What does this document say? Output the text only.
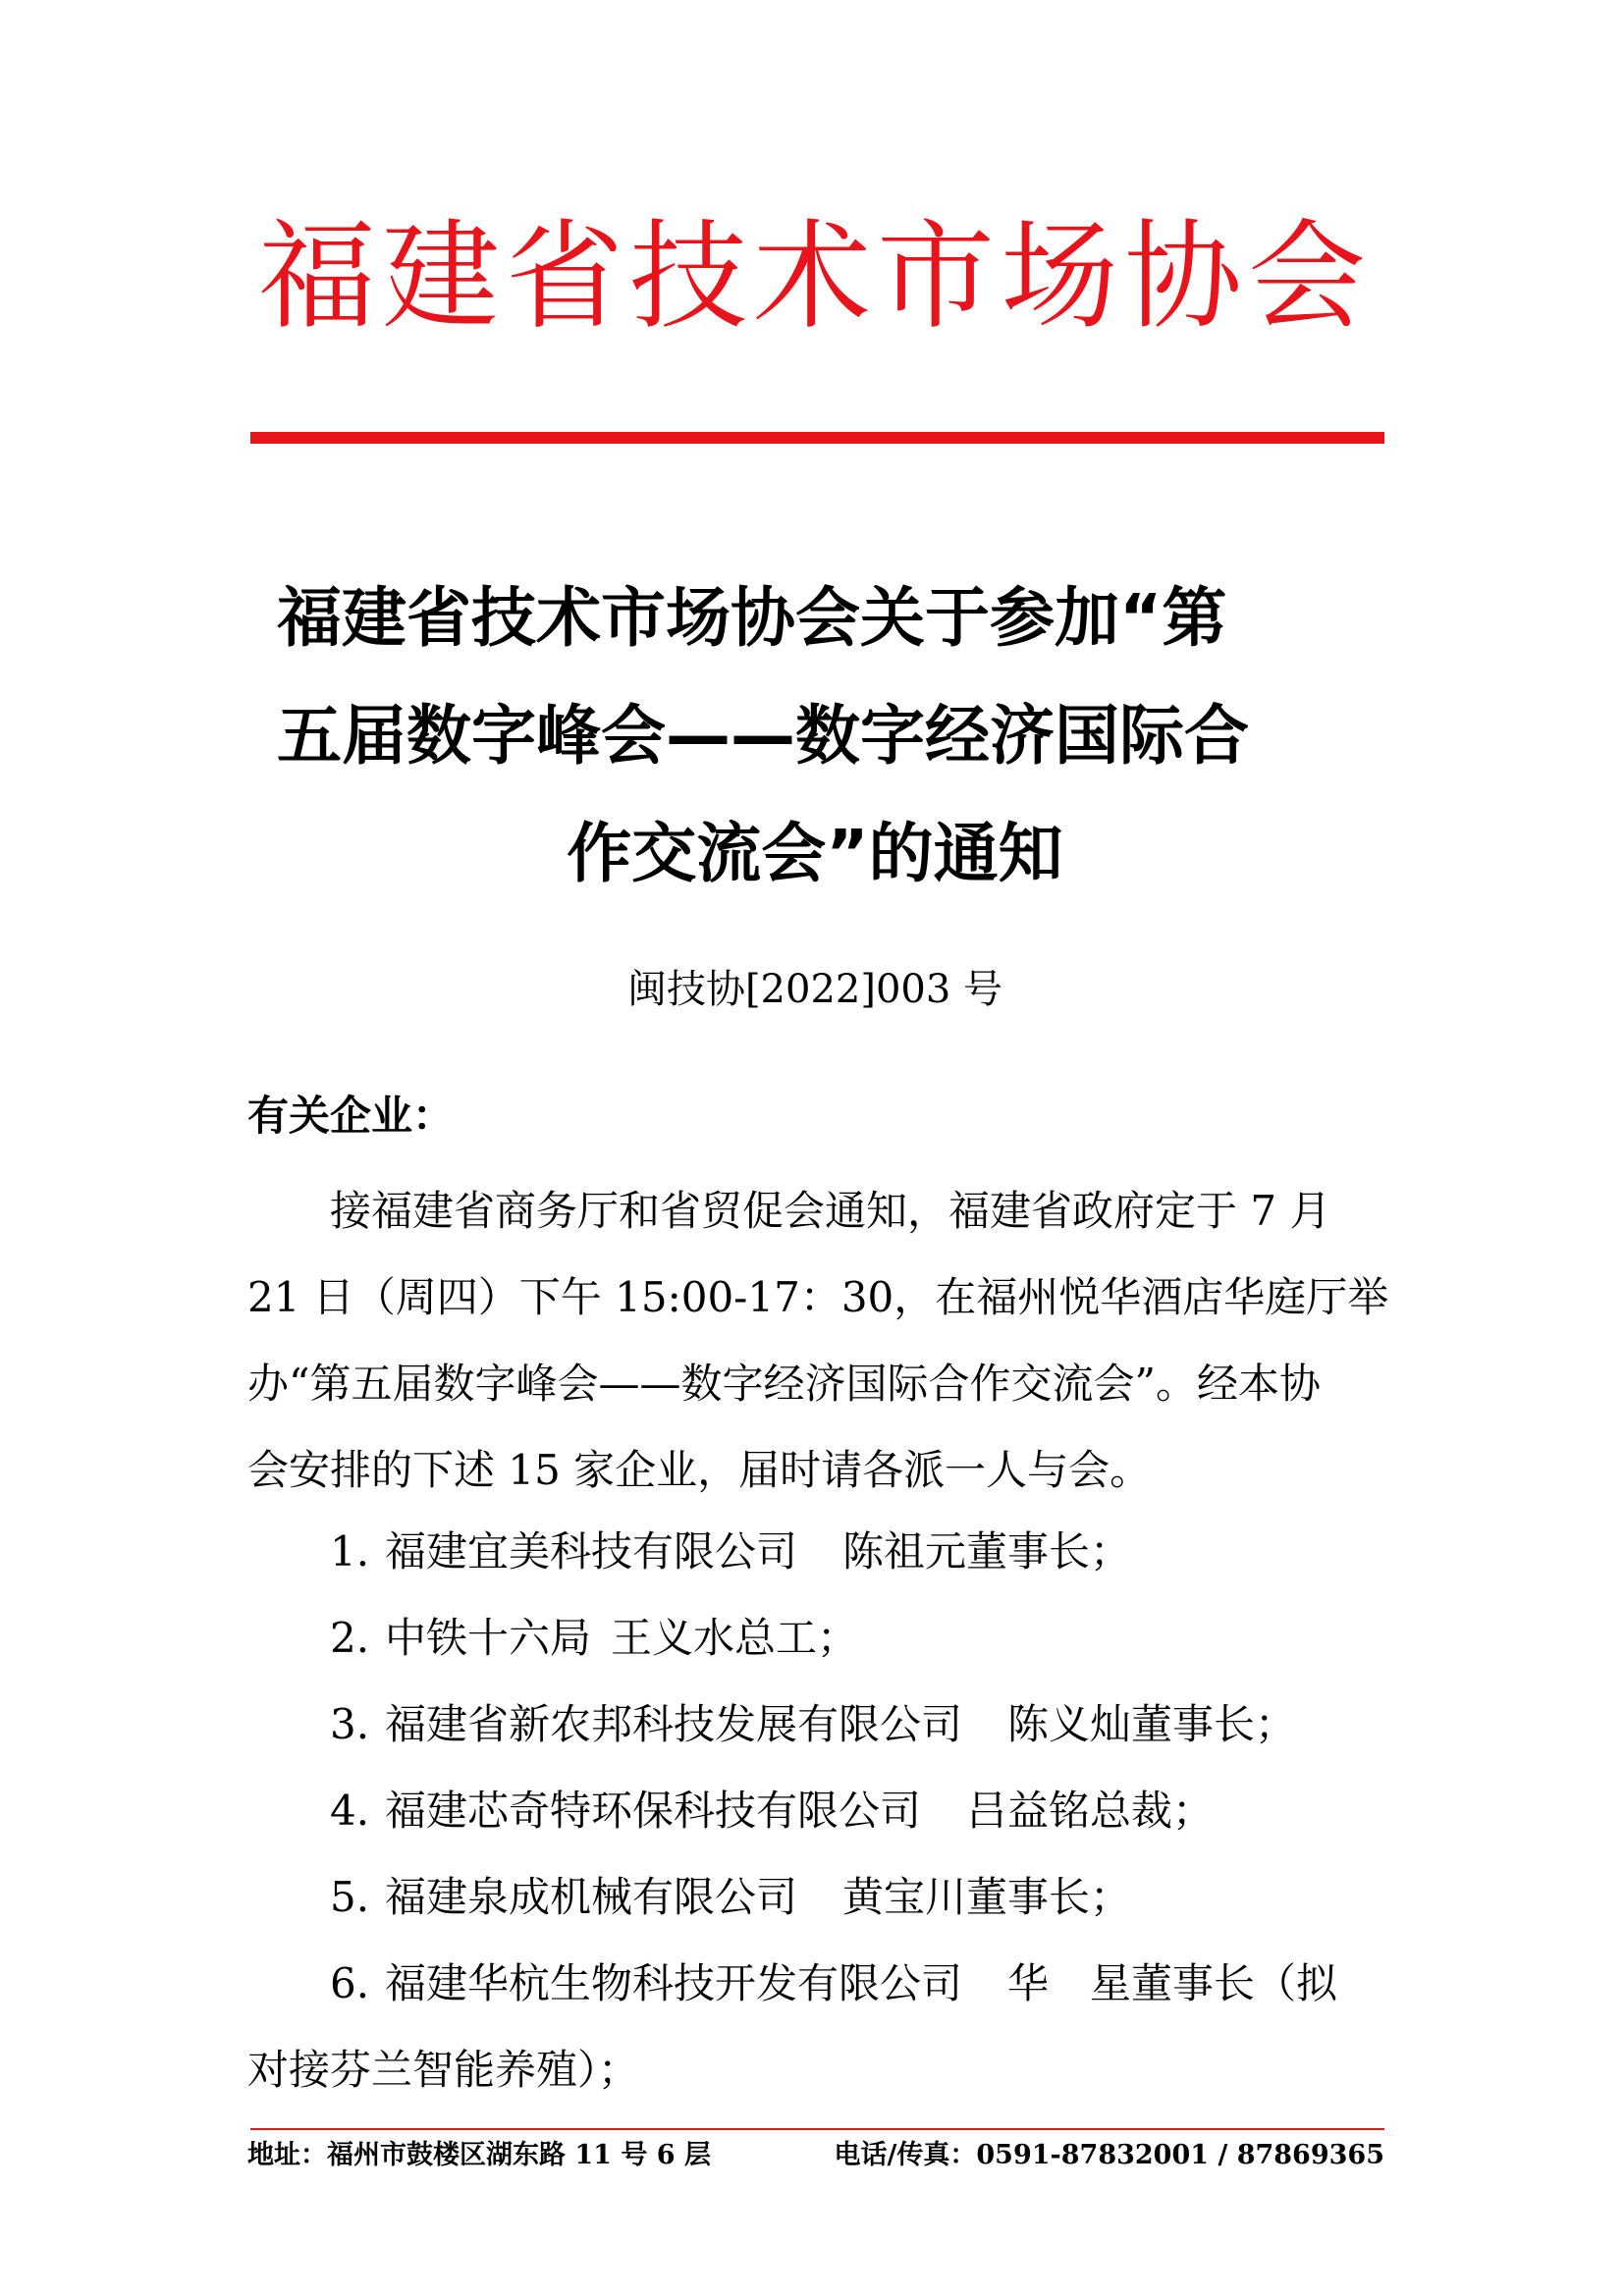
福建省技术市场协会
福建省技术市场协会关于参加“第
五届数字峰会——数字经济国际合
作交流会”的通知
闽技协[2022]003 号
有关企业：
接福建省商务厅和省贸促会通知，福建省政府定于 7 月
21 日（周四）下午 15:00-17：30，在福州悦华酒店华庭厅举
办“第五届数字峰会——数字经济国际合作交流会”。经本协
会安排的下述 15 家企业，届时请各派一人与会。
1. 福建宜美科技有限公司 陈祖元董事长；
2. 中铁十六局 王义水总工；
3. 福建省新农邦科技发展有限公司 陈义灿董事长；
4. 福建芯奇特环保科技有限公司 吕益铭总裁；
5. 福建泉成机械有限公司 黄宝川董事长；
6. 福建华杭生物科技开发有限公司 华　星董事长（拟
对接芬兰智能养殖）；
地址：福州市鼓楼区湖东路 11 号 6 层	电话/传真：0591-87832001 / 87869365
